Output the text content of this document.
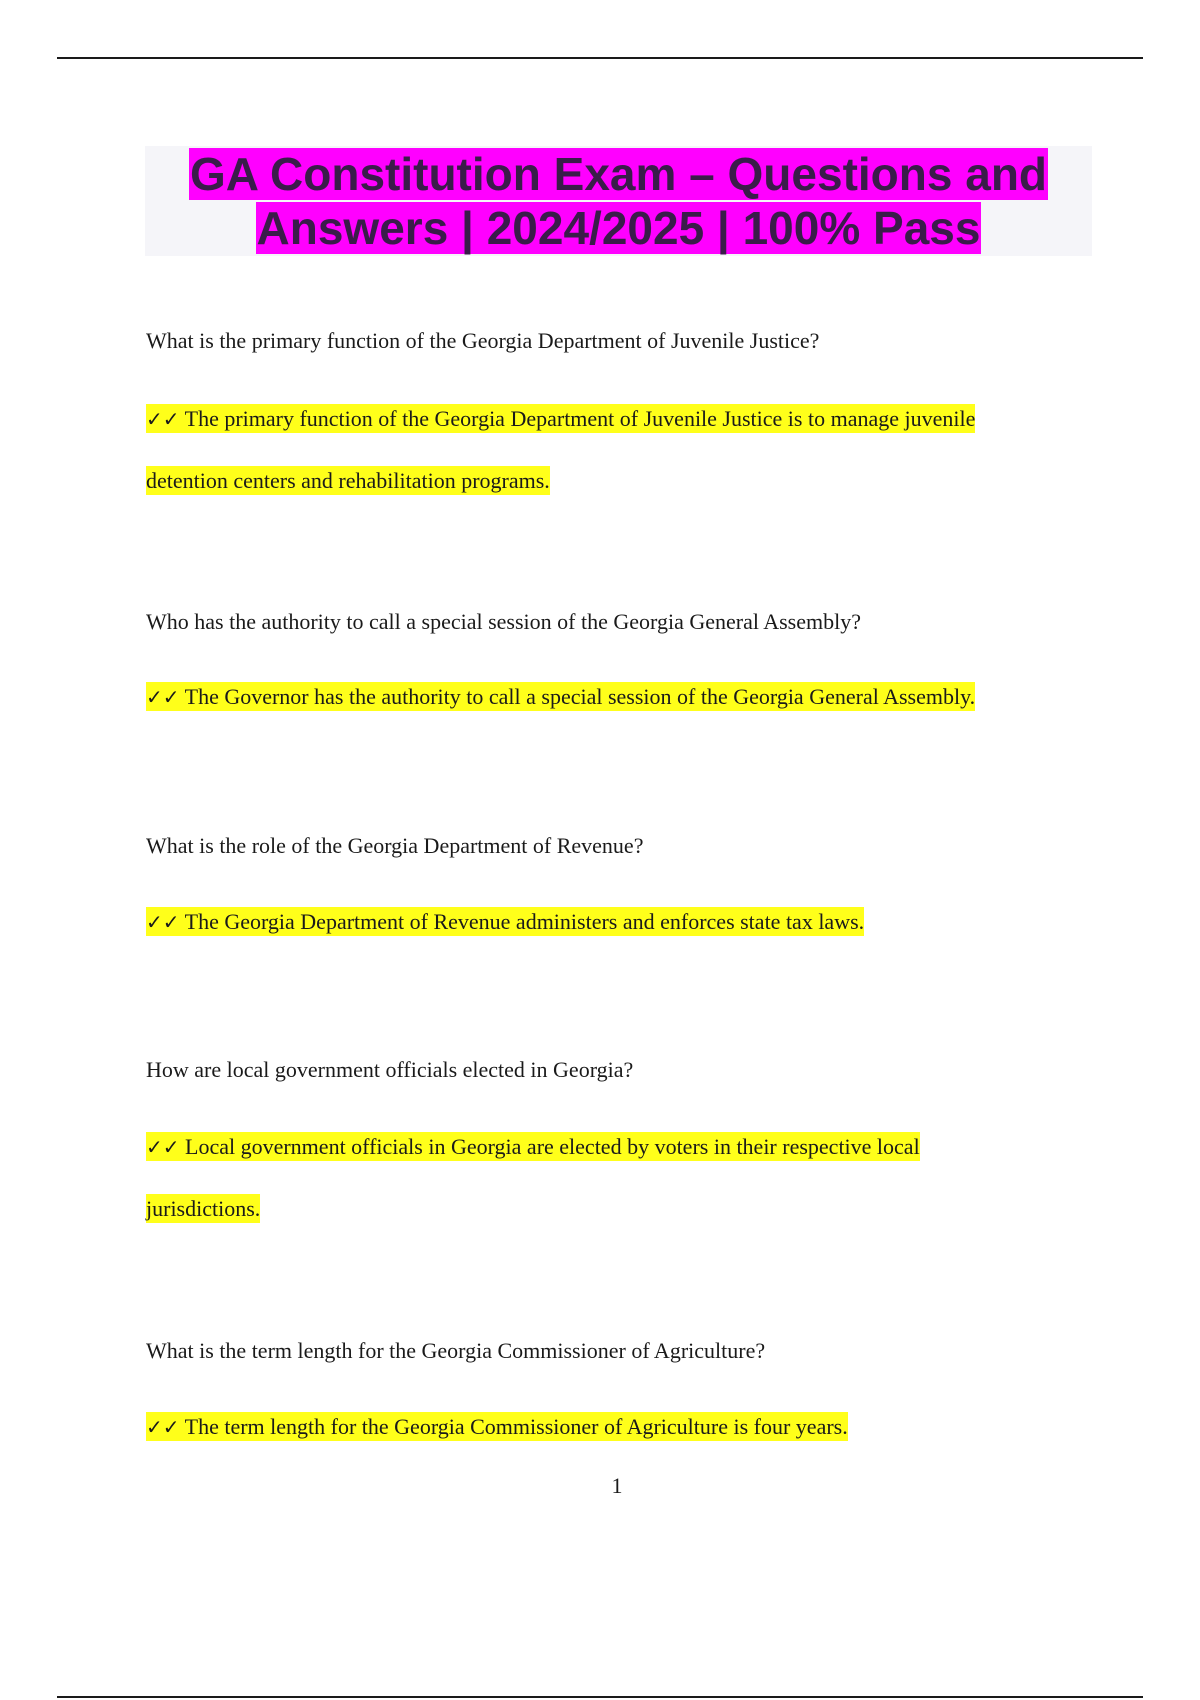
GA Constitution Exam – Questions and
Answers | 2024/2025 | 100% Pass
What is the primary function of the Georgia Department of Juvenile Justice?
✓✓ The primary function of the Georgia Department of Juvenile Justice is to manage juvenile
detention centers and rehabilitation programs.
Who has the authority to call a special session of the Georgia General Assembly?
✓✓ The Governor has the authority to call a special session of the Georgia General Assembly.
What is the role of the Georgia Department of Revenue?
✓✓ The Georgia Department of Revenue administers and enforces state tax laws.
How are local government officials elected in Georgia?
✓✓ Local government officials in Georgia are elected by voters in their respective local
jurisdictions.
What is the term length for the Georgia Commissioner of Agriculture?
✓✓ The term length for the Georgia Commissioner of Agriculture is four years.
1
